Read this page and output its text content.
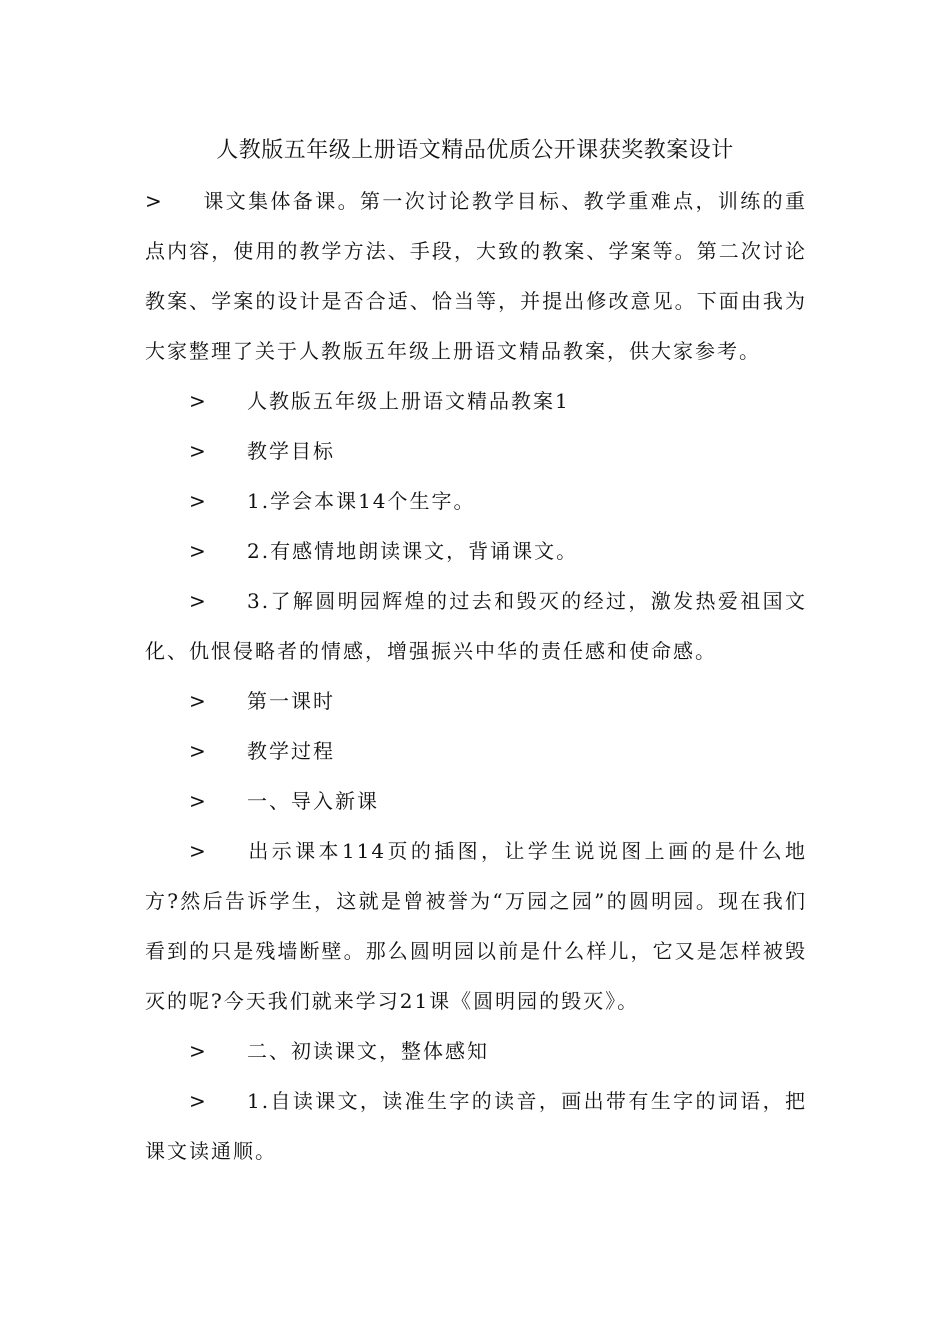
人教版五年级上册语文精品优质公开课获奖教案设计

> 课文集体备课。第一次讨论教学目标、教学重难点，训练的重点内容，使用的教学方法、手段，大致的教案、学案等。第二次讨论教案、学案的设计是否合适、恰当等，并提出修改意见。下面由我为大家整理了关于人教版五年级上册语文精品教案，供大家参考。

> 人教版五年级上册语文精品教案1

> 教学目标

> 1.学会本课14个生字。

> 2.有感情地朗读课文，背诵课文。

> 3.了解圆明园辉煌的过去和毁灭的经过，激发热爱祖国文化、仇恨侵略者的情感，增强振兴中华的责任感和使命感。

> 第一课时

> 教学过程

> 一、导入新课

> 出示课本114页的插图，让学生说说图上画的是什么地方?然后告诉学生，这就是曾被誉为“万园之园”的圆明园。现在我们看到的只是残墙断壁。那么圆明园以前是什么样儿，它又是怎样被毁灭的呢?今天我们就来学习21课《圆明园的毁灭》。

> 二、初读课文，整体感知

> 1.自读课文，读准生字的读音，画出带有生字的词语，把课文读通顺。
